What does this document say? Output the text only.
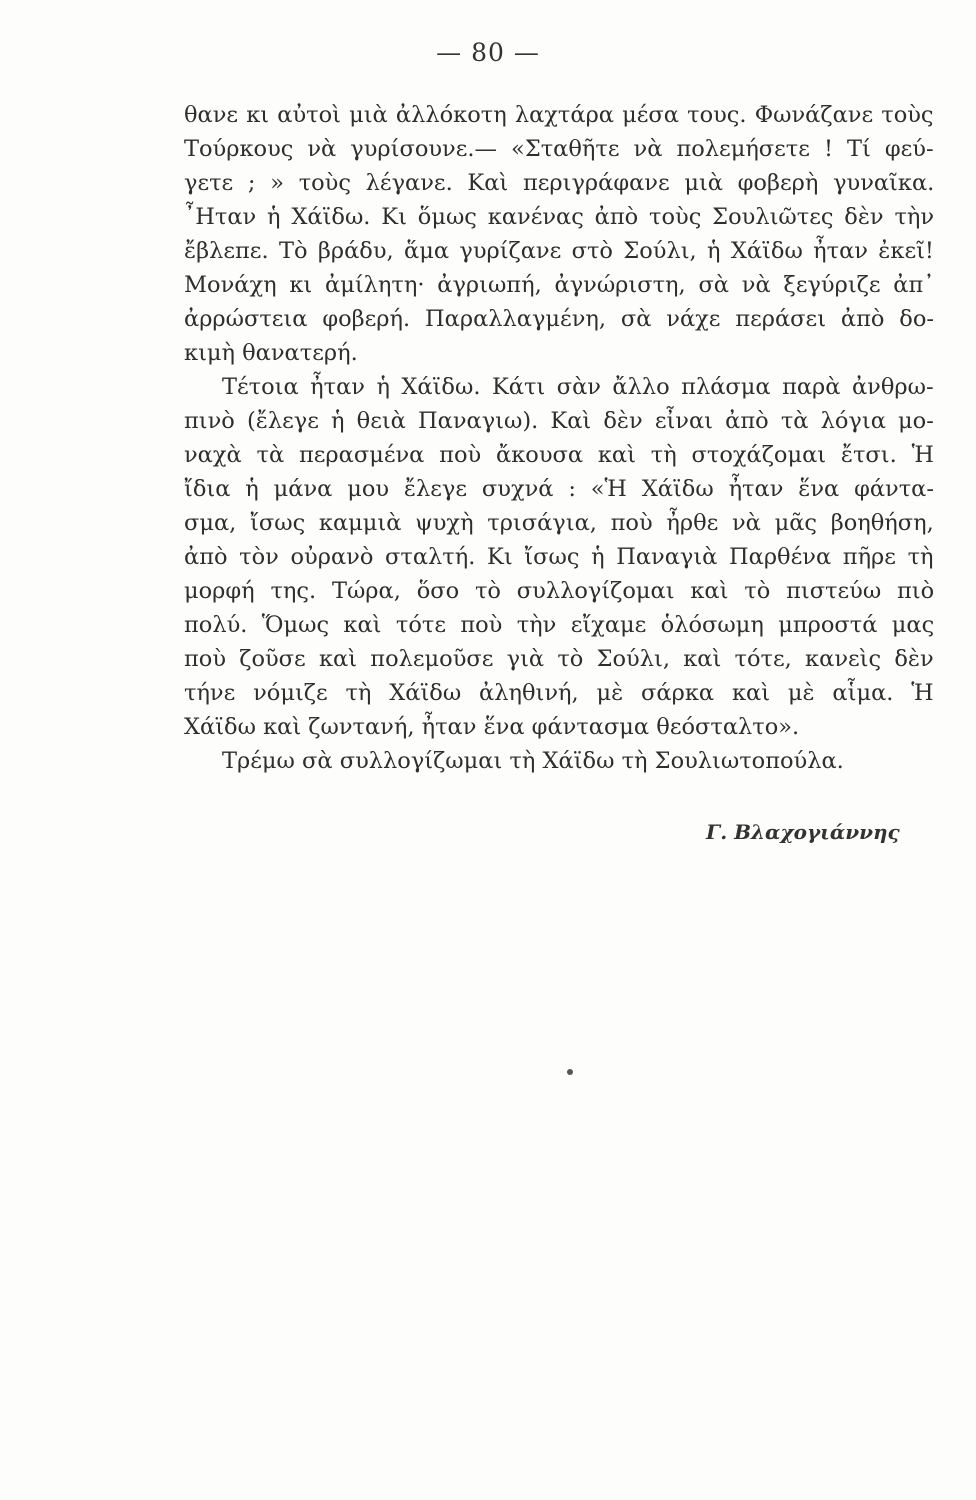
— 80 —
θανε κι αὐτοὶ μιὰ ἀλλόκοτη λαχτάρα μέσα τους. Φωνάζανε τοὺς
Τούρκους νὰ γυρίσουνε.— «Σταθῆτε νὰ πολεμήσετε ! Τί φεύ-
γετε ; » τοὺς λέγανε. Καὶ περιγράφανε μιὰ φοβερὴ γυναῖκα.
῏Ηταν ἡ Χάϊδω. Κι ὅμως κανένας ἀπὸ τοὺς Σουλιῶτες δὲν τὴν
ἔβλεπε. Τὸ βράδυ, ἅμα γυρίζανε στὸ Σούλι, ἡ Χάϊδω ἦταν ἐκεῖ!
Μονάχη κι ἀμίλητη· ἀγριωπή, ἀγνώριστη, σὰ νὰ ξεγύριζε ἀπ᾿
ἀρρώστεια φοβερή. Παραλλαγμένη, σὰ νάχε περάσει ἀπὸ δο-
κιμὴ θανατερή.
Τέτοια ἦταν ἡ Χάϊδω. Κάτι σὰν ἄλλο πλάσμα παρὰ ἀνθρω-
πινὸ (ἔλεγε ἡ θειὰ Παναγιω). Καὶ δὲν εἶναι ἀπὸ τὰ λόγια μο-
ναχὰ τὰ περασμένα ποὺ ἄκουσα καὶ τὴ στοχάζομαι ἔτσι. Ἡ
ἴδια ἡ μάνα μου ἔλεγε συχνά : «Ἡ Χάϊδω ἦταν ἕνα φάντα-
σμα, ἴσως καμμιὰ ψυχὴ τρισάγια, ποὺ ἦρθε νὰ μᾶς βοηθήση,
ἀπὸ τὸν οὐρανὸ σταλτή. Κι ἴσως ἡ Παναγιὰ Παρθένα πῆρε τὴ
μορφή της. Τώρα, ὅσο τὸ συλλογίζομαι καὶ τὸ πιστεύω πιὸ
πολύ. Ὅμως καὶ τότε ποὺ τὴν εἴχαμε ὁλόσωμη μπροστά μας
ποὺ ζοῦσε καὶ πολεμοῦσε γιὰ τὸ Σούλι, καὶ τότε, κανεὶς δὲν
τήνε νόμιζε τὴ Χάϊδω ἀληθινή, μὲ σάρκα καὶ μὲ αἷμα. Ἡ
Χάϊδω καὶ ζωντανή, ἦταν ἕνα φάντασμα θεόσταλτο».
Τρέμω σὰ συλλογίζωμαι τὴ Χάϊδω τὴ Σουλιωτοπούλα.
Γ. Βλαχογιάννης
